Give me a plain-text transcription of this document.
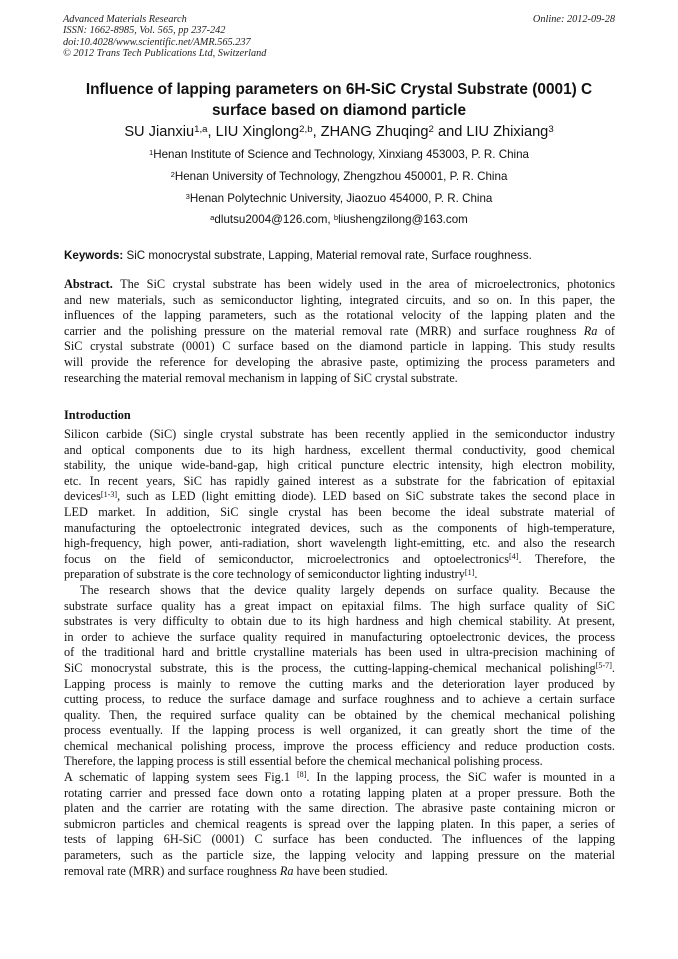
Advanced Materials Research
ISSN: 1662-8985, Vol. 565, pp 237-242
doi:10.4028/www.scientific.net/AMR.565.237
© 2012 Trans Tech Publications Ltd, Switzerland
Online: 2012-09-28
Influence of lapping parameters on 6H-SiC Crystal Substrate (0001) C
surface based on diamond particle
SU Jianxiu$^{1,a}$, LIU Xinglong$^{2,b}$, ZHANG Zhuqing$^2$ and LIU Zhixiang$^3$
$^1$Henan Institute of Science and Technology, Xinxiang 453003, P. R. China
$^2$Henan University of Technology, Zhengzhou 450001, P. R. China
$^3$Henan Polytechnic University, Jiaozuo 454000, P. R. China
$^a$dlutsu2004@126.com, $^b$liushengzilong@163.com
Keywords: SiC monocrystal substrate, Lapping, Material removal rate, Surface roughness.
Abstract. The SiC crystal substrate has been widely used in the area of microelectronics, photonics
and new materials, such as semiconductor lighting, integrated circuits, and so on. In this paper, the
influences of the lapping parameters, such as the rotational velocity of the lapping platen and the
carrier and the polishing pressure on the material removal rate (MRR) and surface roughness Ra of
SiC crystal substrate (0001) C surface based on the diamond particle in lapping. This study results
will provide the reference for developing the abrasive paste, optimizing the process parameters and
researching the material removal mechanism in lapping of SiC crystal substrate.
Introduction
Silicon carbide (SiC) single crystal substrate has been recently applied in the semiconductor industry
and optical components due to its high hardness, excellent thermal conductivity, good chemical
stability, the unique wide-band-gap, high critical puncture electric intensity, high electron mobility,
etc. In recent years, SiC has rapidly gained interest as a substrate for the fabrication of epitaxial
devices[1-3], such as LED (light emitting diode). LED based on SiC substrate takes the second place in
LED market. In addition, SiC single crystal has been become the ideal substrate material of
manufacturing the optoelectronic integrated devices, such as the components of high-temperature,
high-frequency, high power, anti-radiation, short wavelength light-emitting, etc. and also the research
focus on the field of semiconductor, microelectronics and optoelectronics[4]. Therefore, the
preparation of substrate is the core technology of semiconductor lighting industry[1].
The research shows that the device quality largely depends on surface quality. Because the
substrate surface quality has a great impact on epitaxial films. The high surface quality of SiC
substrates is very difficulty to obtain due to its high hardness and high chemical stability. At present,
in order to achieve the surface quality required in manufacturing optoelectronic devices, the process
of the traditional hard and brittle crystalline materials has been used in ultra-precision machining of
SiC monocrystal substrate, this is the process, the cutting-lapping-chemical mechanical polishing[5-7].
Lapping process is mainly to remove the cutting marks and the deterioration layer produced by
cutting process, to reduce the surface damage and surface roughness and to achieve a certain surface
quality. Then, the required surface quality can be obtained by the chemical mechanical polishing
process eventually. If the lapping process is well organized, it can greatly short the time of the
chemical mechanical polishing process, improve the process efficiency and reduce production costs.
Therefore, the lapping process is still essential before the chemical mechanical polishing process.
A schematic of lapping system sees Fig.1 [8]. In the lapping process, the SiC wafer is mounted in a
rotating carrier and pressed face down onto a rotating lapping platen at a proper pressure. Both the
platen and the carrier are rotating with the same direction. The abrasive paste containing micron or
submicron particles and chemical reagents is spread over the lapping platen. In this paper, a series of
tests of lapping 6H-SiC (0001) C surface has been conducted. The influences of the lapping
parameters, such as the particle size, the lapping velocity and lapping pressure on the material
removal rate (MRR) and surface roughness Ra have been studied.
